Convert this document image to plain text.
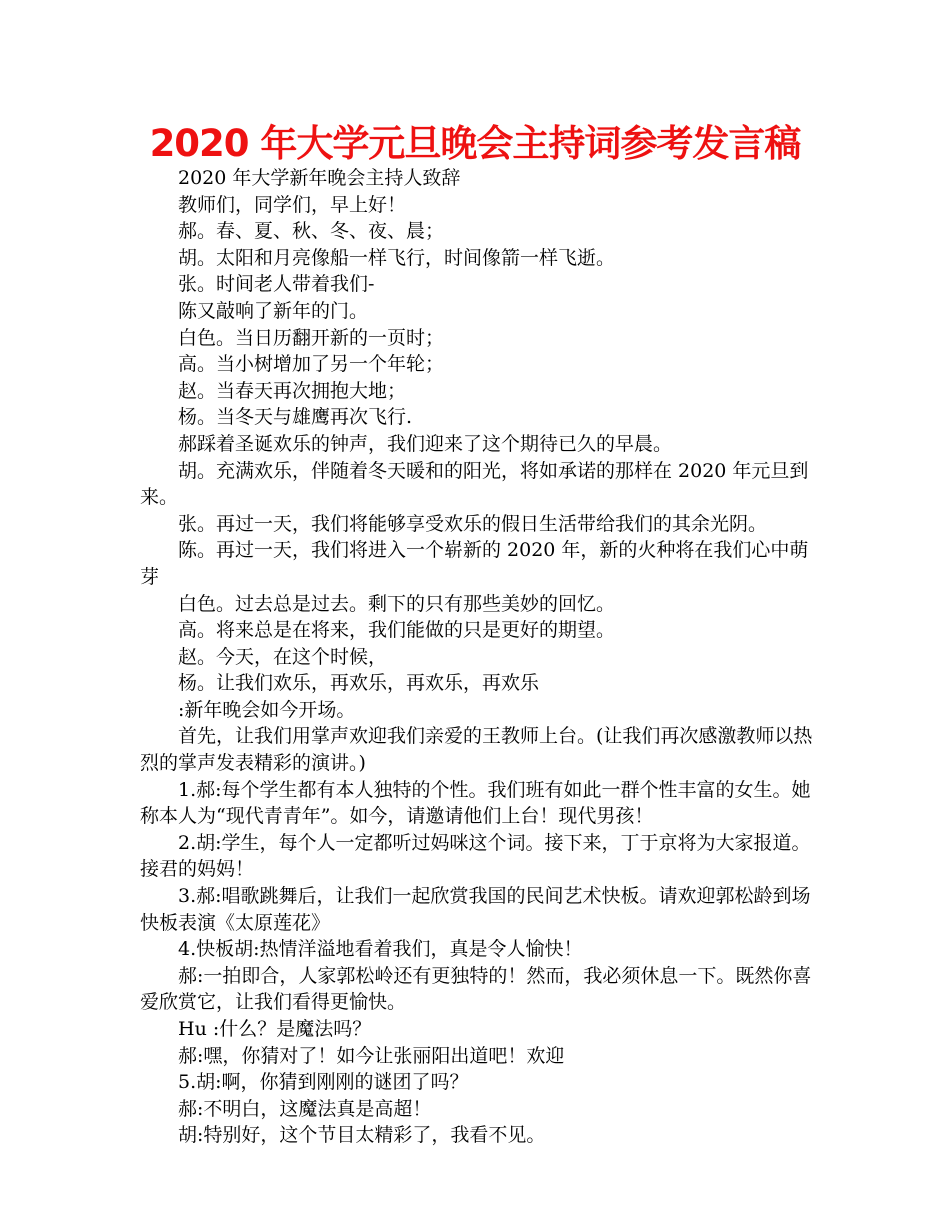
2020 年大学元旦晚会主持词参考发言稿

2020 年大学新年晚会主持人致辞

教师们，同学们，早上好！

郝。春、夏、秋、冬、夜、晨；

胡。太阳和月亮像船一样飞行，时间像箭一样飞逝。

张。时间老人带着我们-

陈又敲响了新年的门。

白色。当日历翻开新的一页时；

高。当小树增加了另一个年轮；

赵。当春天再次拥抱大地；

杨。当冬天与雄鹰再次飞行.

郝踩着圣诞欢乐的钟声，我们迎来了这个期待已久的早晨。

胡。充满欢乐，伴随着冬天暖和的阳光，将如承诺的那样在 2020 年元旦到来。

张。再过一天，我们将能够享受欢乐的假日生活带给我们的其余光阴。

陈。再过一天，我们将进入一个崭新的 2020 年，新的火种将在我们心中萌芽

白色。过去总是过去。剩下的只有那些美妙的回忆。

高。将来总是在将来，我们能做的只是更好的期望。

赵。今天，在这个时候，

杨。让我们欢乐，再欢乐，再欢乐，再欢乐

:新年晚会如今开场。

首先，让我们用掌声欢迎我们亲爱的王教师上台。(让我们再次感激教师以热烈的掌声发表精彩的演讲。)

1.郝:每个学生都有本人独特的个性。我们班有如此一群个性丰富的女生。她称本人为“现代青青年”。如今，请邀请他们上台！现代男孩！

2.胡:学生，每个人一定都听过妈咪这个词。接下来，丁于京将为大家报道。接君的妈妈！

3.郝:唱歌跳舞后，让我们一起欣赏我国的民间艺术快板。请欢迎郭松龄到场快板表演《太原莲花》

4.快板胡:热情洋溢地看着我们，真是令人愉快！

郝:一拍即合，人家郭松岭还有更独特的！然而，我必须休息一下。既然你喜爱欣赏它，让我们看得更愉快。

Hu :什么？是魔法吗？

郝:嘿，你猜对了！如今让张丽阳出道吧！欢迎

5.胡:啊，你猜到刚刚的谜团了吗？

郝:不明白，这魔法真是高超！

胡:特别好，这个节目太精彩了，我看不见。
